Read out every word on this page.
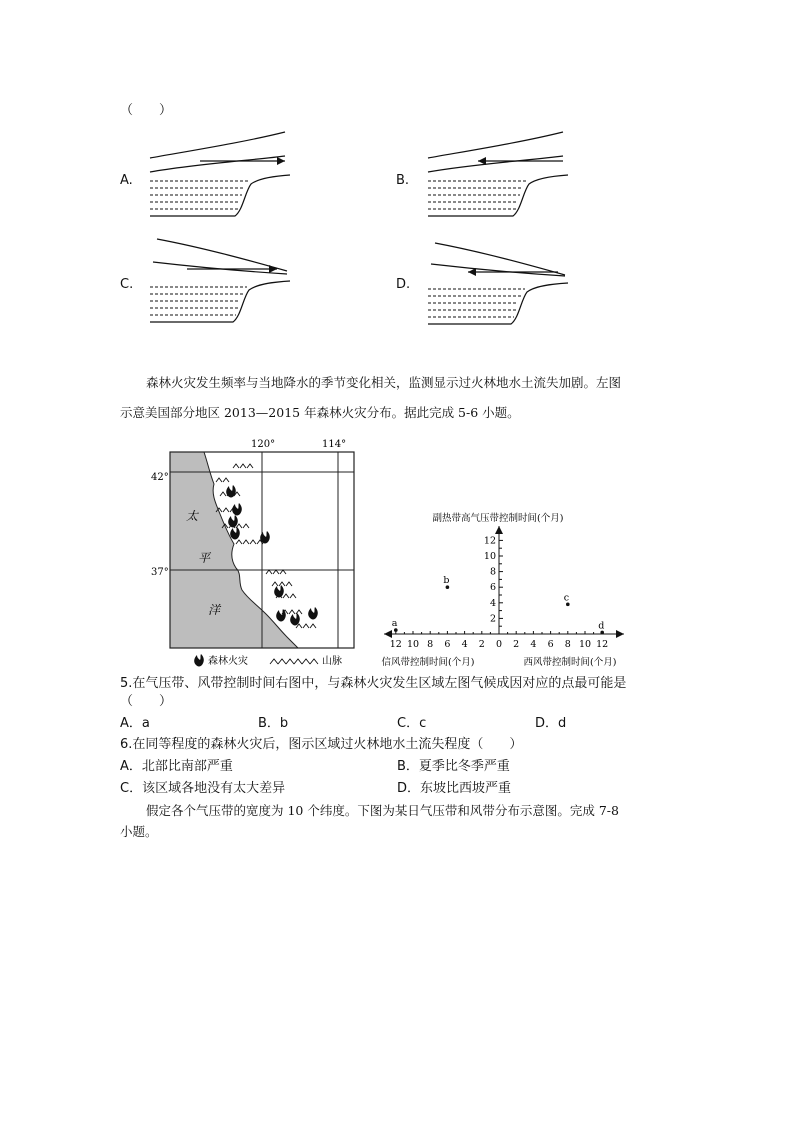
（　　）
A.	B.
C.	D.
森林火灾发生频率与当地降水的季节变化相关，监测显示过火林地水土流失加剧。左图
示意美国部分地区 2013—2015 年森林火灾分布。据此完成 5-6 小题。
120°	114°
42°
37°
太
平
洋
森林火灾	山脉
副热带高气压带控制时间(个月)
12 10 8 6 4 2 0 2 4 6 8 10 12
2
4
6
8
10
12
a
b
c
d
信风带控制时间(个月)	西风带控制时间(个月)
5.在气压带、风带控制时间右图中，与森林火灾发生区域左图气候成因对应的点最可能是
（　　）
A．a	B．b	C．c	D．d
6.在同等程度的森林火灾后，图示区域过火林地水土流失程度（　　）
A．北部比南部严重	B．夏季比冬季严重
C．该区域各地没有太大差异	D．东坡比西坡严重
假定各个气压带的宽度为 10 个纬度。下图为某日气压带和风带分布示意图。完成 7-8
小题。
